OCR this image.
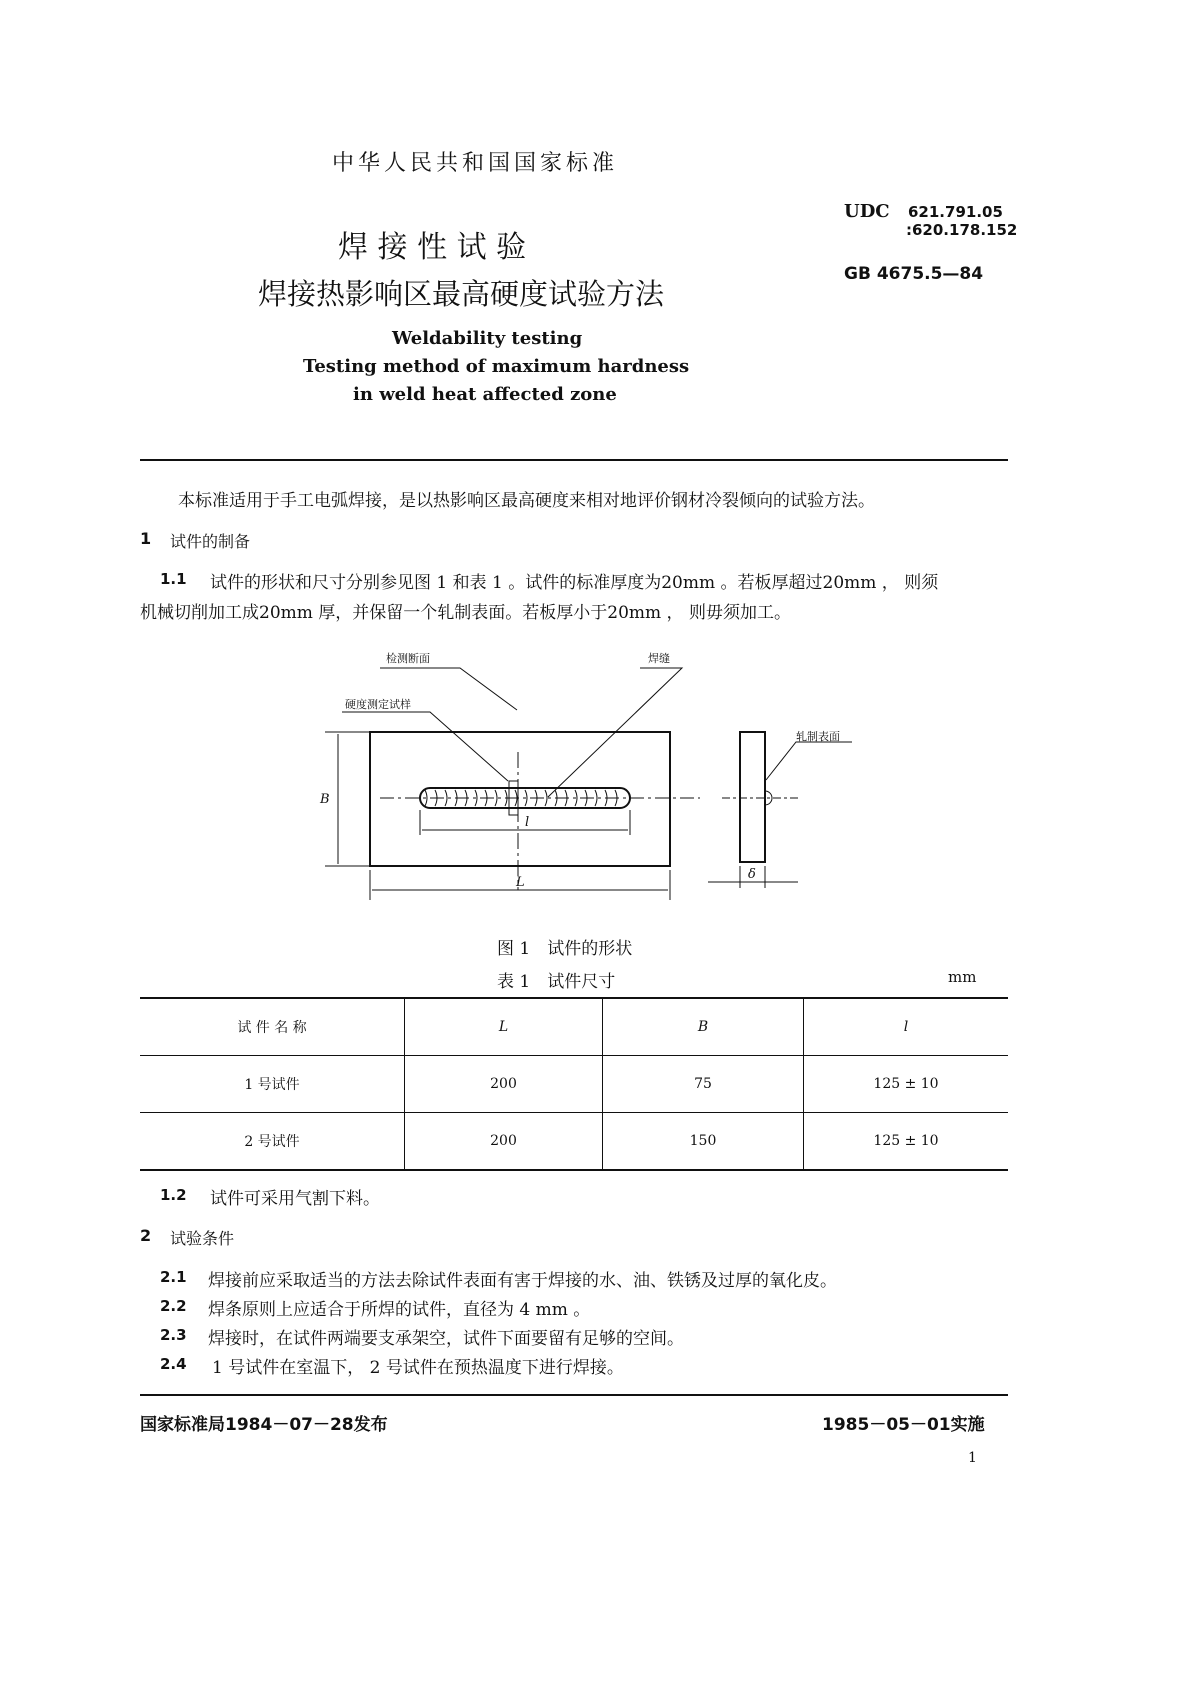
中华人民共和国国家标准
焊 接 性 试 验
焊接热影响区最高硬度试验方法
Weldability testing
Testing method of maximum hardness
in weld heat affected zone
UDC 621.791.05
:620.178.152
GB 4675.5—84
本标准适用于手工电弧焊接，是以热影响区最高硬度来相对地评价钢材冷裂倾向的试验方法。
1 试件的制备
1.1 试件的形状和尺寸分别参见图 1 和表 1 。试件的标准厚度为20mm 。若板厚超过20mm ， 则须
机械切削加工成20mm 厚，并保留一个轧制表面。若板厚小于20mm ， 则毋须加工。
检测断面	焊缝
硬度测定试样
轧制表面
B
l
L
δ
图 1　试件的形状
表 1　试件尺寸	mm
试 件 名 称	L	B	l
1 号试件	200	75	125 ± 10
2 号试件	200	150	125 ± 10
1.2 试件可采用气割下料。
2 试验条件
2.1 焊接前应采取适当的方法去除试件表面有害于焊接的水、油、铁锈及过厚的氧化皮。
2.2 焊条原则上应适合于所焊的试件，直径为 4 mm 。
2.3 焊接时，在试件两端要支承架空，试件下面要留有足够的空间。
2.4 1 号试件在室温下， 2 号试件在预热温度下进行焊接。
国家标准局1984－07－28发布	1985－05－01实施
1
